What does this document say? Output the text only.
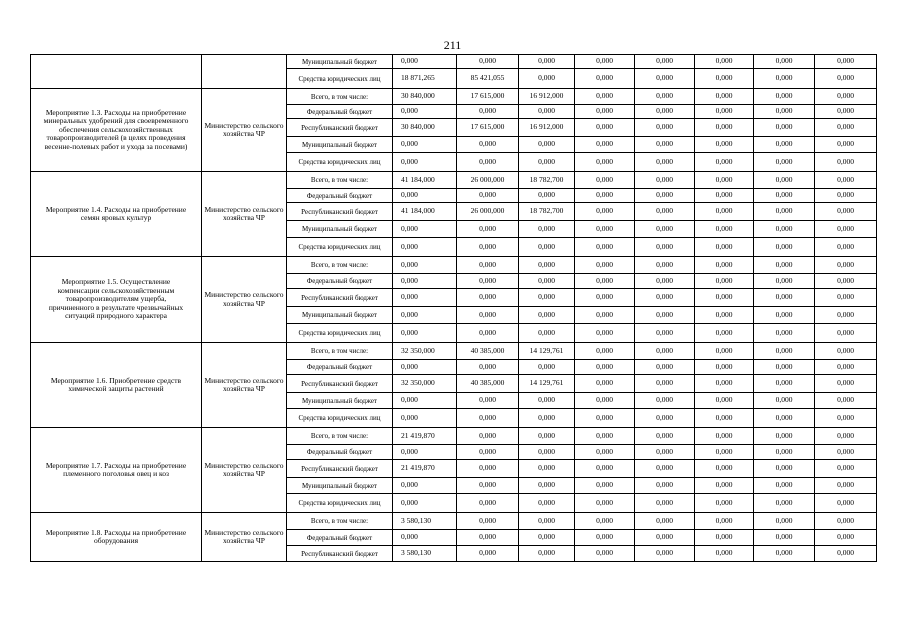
211
		Муниципальный бюджет	0,000	0,000	0,000	0,000	0,000	0,000	0,000	0,000
		Средства юридических лиц	18 871,265	85 421,055	0,000	0,000	0,000	0,000	0,000	0,000
Мероприятие 1.3. Расходы на приобретение минеральных удобрений для своевременного обеспечения сельскохозяйственных товаропроизводителей (в целях проведения весенне-полевых работ и ухода за посевами)	Министерство сельского хозяйства ЧР	Всего, в том числе:	30 840,000	17 615,000	16 912,000	0,000	0,000	0,000	0,000	0,000
		Федеральный бюджет	0,000	0,000	0,000	0,000	0,000	0,000	0,000	0,000
		Республиканский бюджет	30 840,000	17 615,000	16 912,000	0,000	0,000	0,000	0,000	0,000
		Муниципальный бюджет	0,000	0,000	0,000	0,000	0,000	0,000	0,000	0,000
		Средства юридических лиц	0,000	0,000	0,000	0,000	0,000	0,000	0,000	0,000
Мероприятие 1.4. Расходы на приобретение семян яровых культур	Министерство сельского хозяйства ЧР	Всего, в том числе:	41 184,000	26 000,000	18 782,700	0,000	0,000	0,000	0,000	0,000
		Федеральный бюджет	0,000	0,000	0,000	0,000	0,000	0,000	0,000	0,000
		Республиканский бюджет	41 184,000	26 000,000	18 782,700	0,000	0,000	0,000	0,000	0,000
		Муниципальный бюджет	0,000	0,000	0,000	0,000	0,000	0,000	0,000	0,000
		Средства юридических лиц	0,000	0,000	0,000	0,000	0,000	0,000	0,000	0,000
Мероприятие 1.5. Осуществление компенсации сельскохозяйственным товаропроизводителям ущерба, причиненного в результате чрезвычайных ситуаций природного характера	Министерство сельского хозяйства ЧР	Всего, в том числе:	0,000	0,000	0,000	0,000	0,000	0,000	0,000	0,000
		Федеральный бюджет	0,000	0,000	0,000	0,000	0,000	0,000	0,000	0,000
		Республиканский бюджет	0,000	0,000	0,000	0,000	0,000	0,000	0,000	0,000
		Муниципальный бюджет	0,000	0,000	0,000	0,000	0,000	0,000	0,000	0,000
		Средства юридических лиц	0,000	0,000	0,000	0,000	0,000	0,000	0,000	0,000
Мероприятие 1.6. Приобретение средств химической защиты растений	Министерство сельского хозяйства ЧР	Всего, в том числе:	32 350,000	40 385,000	14 129,761	0,000	0,000	0,000	0,000	0,000
		Федеральный бюджет	0,000	0,000	0,000	0,000	0,000	0,000	0,000	0,000
		Республиканский бюджет	32 350,000	40 385,000	14 129,761	0,000	0,000	0,000	0,000	0,000
		Муниципальный бюджет	0,000	0,000	0,000	0,000	0,000	0,000	0,000	0,000
		Средства юридических лиц	0,000	0,000	0,000	0,000	0,000	0,000	0,000	0,000
Мероприятие 1.7. Расходы на приобретение племенного поголовья овец и коз	Министерство сельского хозяйства ЧР	Всего, в том числе:	21 419,870	0,000	0,000	0,000	0,000	0,000	0,000	0,000
		Федеральный бюджет	0,000	0,000	0,000	0,000	0,000	0,000	0,000	0,000
		Республиканский бюджет	21 419,870	0,000	0,000	0,000	0,000	0,000	0,000	0,000
		Муниципальный бюджет	0,000	0,000	0,000	0,000	0,000	0,000	0,000	0,000
		Средства юридических лиц	0,000	0,000	0,000	0,000	0,000	0,000	0,000	0,000
Мероприятие 1.8. Расходы на приобретение оборудования	Министерство сельского хозяйства ЧР	Всего, в том числе:	3 580,130	0,000	0,000	0,000	0,000	0,000	0,000	0,000
		Федеральный бюджет	0,000	0,000	0,000	0,000	0,000	0,000	0,000	0,000
		Республиканский бюджет	3 580,130	0,000	0,000	0,000	0,000	0,000	0,000	0,000
